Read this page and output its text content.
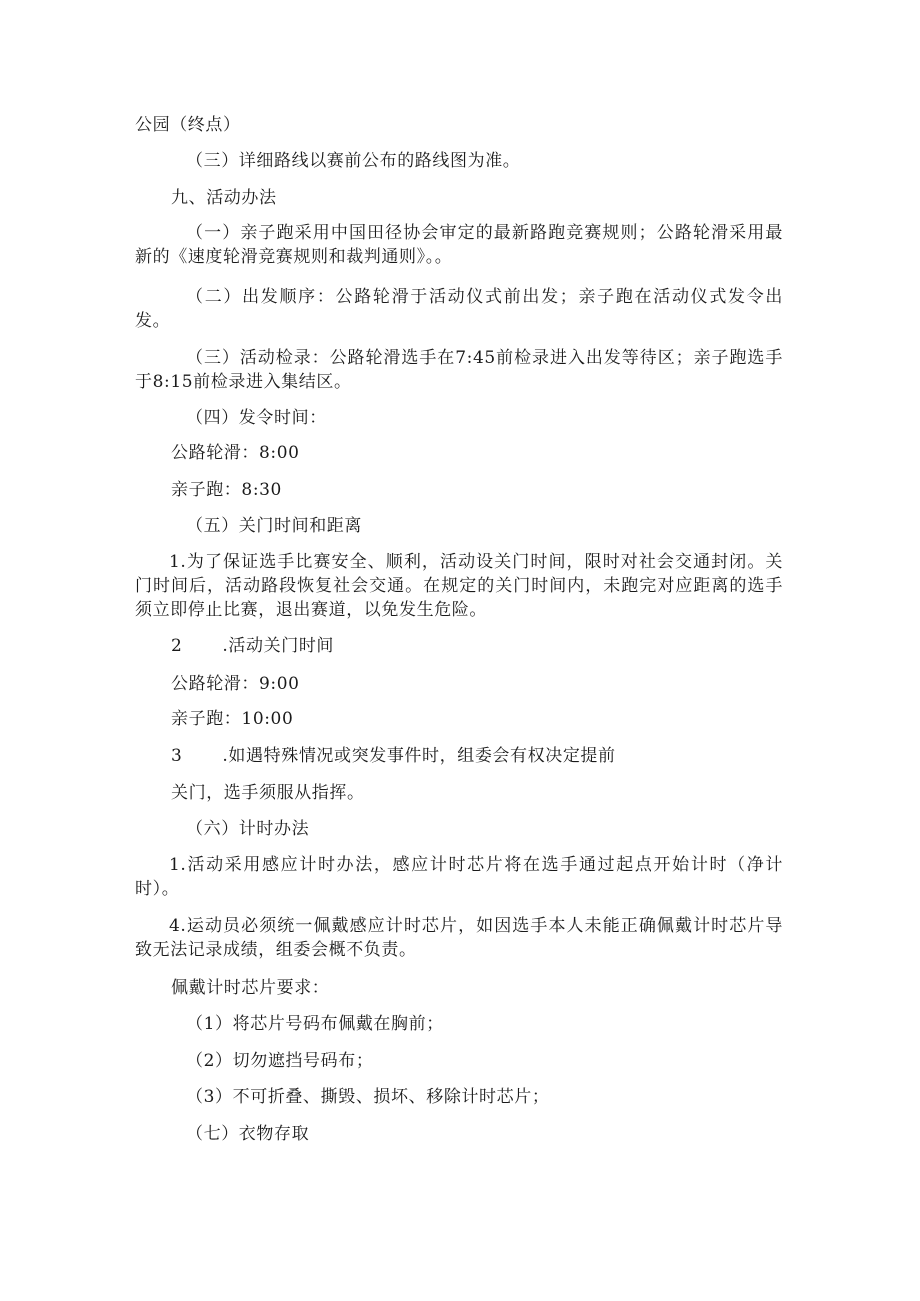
公园（终点）
（三）详细路线以赛前公布的路线图为准。
九、活动办法
（一）亲子跑采用中国田径协会审定的最新路跑竞赛规则；公路轮滑采用最新的《速度轮滑竞赛规则和裁判通则》。。
（二）出发顺序：公路轮滑于活动仪式前出发；亲子跑在活动仪式发令出发。
（三）活动检录：公路轮滑选手在7:45前检录进入出发等待区；亲子跑选手于8:15前检录进入集结区。
（四）发令时间：
公路轮滑：8:00
亲子跑：8:30
（五）关门时间和距离
1.为了保证选手比赛安全、顺利，活动设关门时间，限时对社会交通封闭。关门时间后，活动路段恢复社会交通。在规定的关门时间内，未跑完对应距离的选手须立即停止比赛，退出赛道，以免发生危险。
2 .活动关门时间
公路轮滑：9:00
亲子跑：10:00
3 .如遇特殊情况或突发事件时，组委会有权决定提前
关门，选手须服从指挥。
（六）计时办法
1.活动采用感应计时办法，感应计时芯片将在选手通过起点开始计时（净计时）。
4.运动员必须统一佩戴感应计时芯片，如因选手本人未能正确佩戴计时芯片导致无法记录成绩，组委会概不负责。
佩戴计时芯片要求：
（1）将芯片号码布佩戴在胸前；
（2）切勿遮挡号码布；
（3）不可折叠、撕毁、损坏、移除计时芯片；
（七）衣物存取
